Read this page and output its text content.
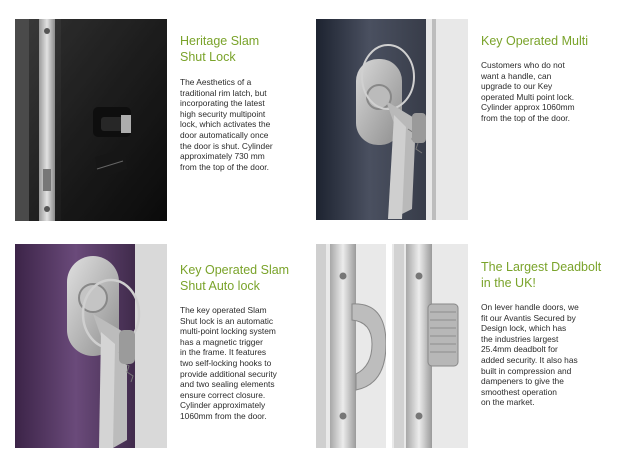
Heritage Slam
Shut Lock

The Aesthetics of a
traditional rim latch, but
incorporating the latest
high security multipoint
lock, which activates the
door automatically once
the door is shut. Cylinder
approximately 730 mm
from the top of the door.

Key Operated Multi

Customers who do not
want a handle, can
upgrade to our Key
operated Multi point lock.
Cylinder approx 1060mm
from the top of the door.

Key Operated Slam
Shut Auto lock

The key operated Slam
Shut lock is an automatic
multi-point locking system
has a magnetic trigger
in the frame. It features
two self-locking hooks to
provide additional security
and two sealing elements
ensure correct closure.
Cylinder approximately
1060mm from the door.

The Largest Deadbolt
in the UK!

On lever handle doors, we
fit our Avantis Secured by
Design lock, which has
the industries largest
25.4mm deadbolt for
added security. It also has
built in compression and
dampeners to give the
smoothest operation
on the market.
